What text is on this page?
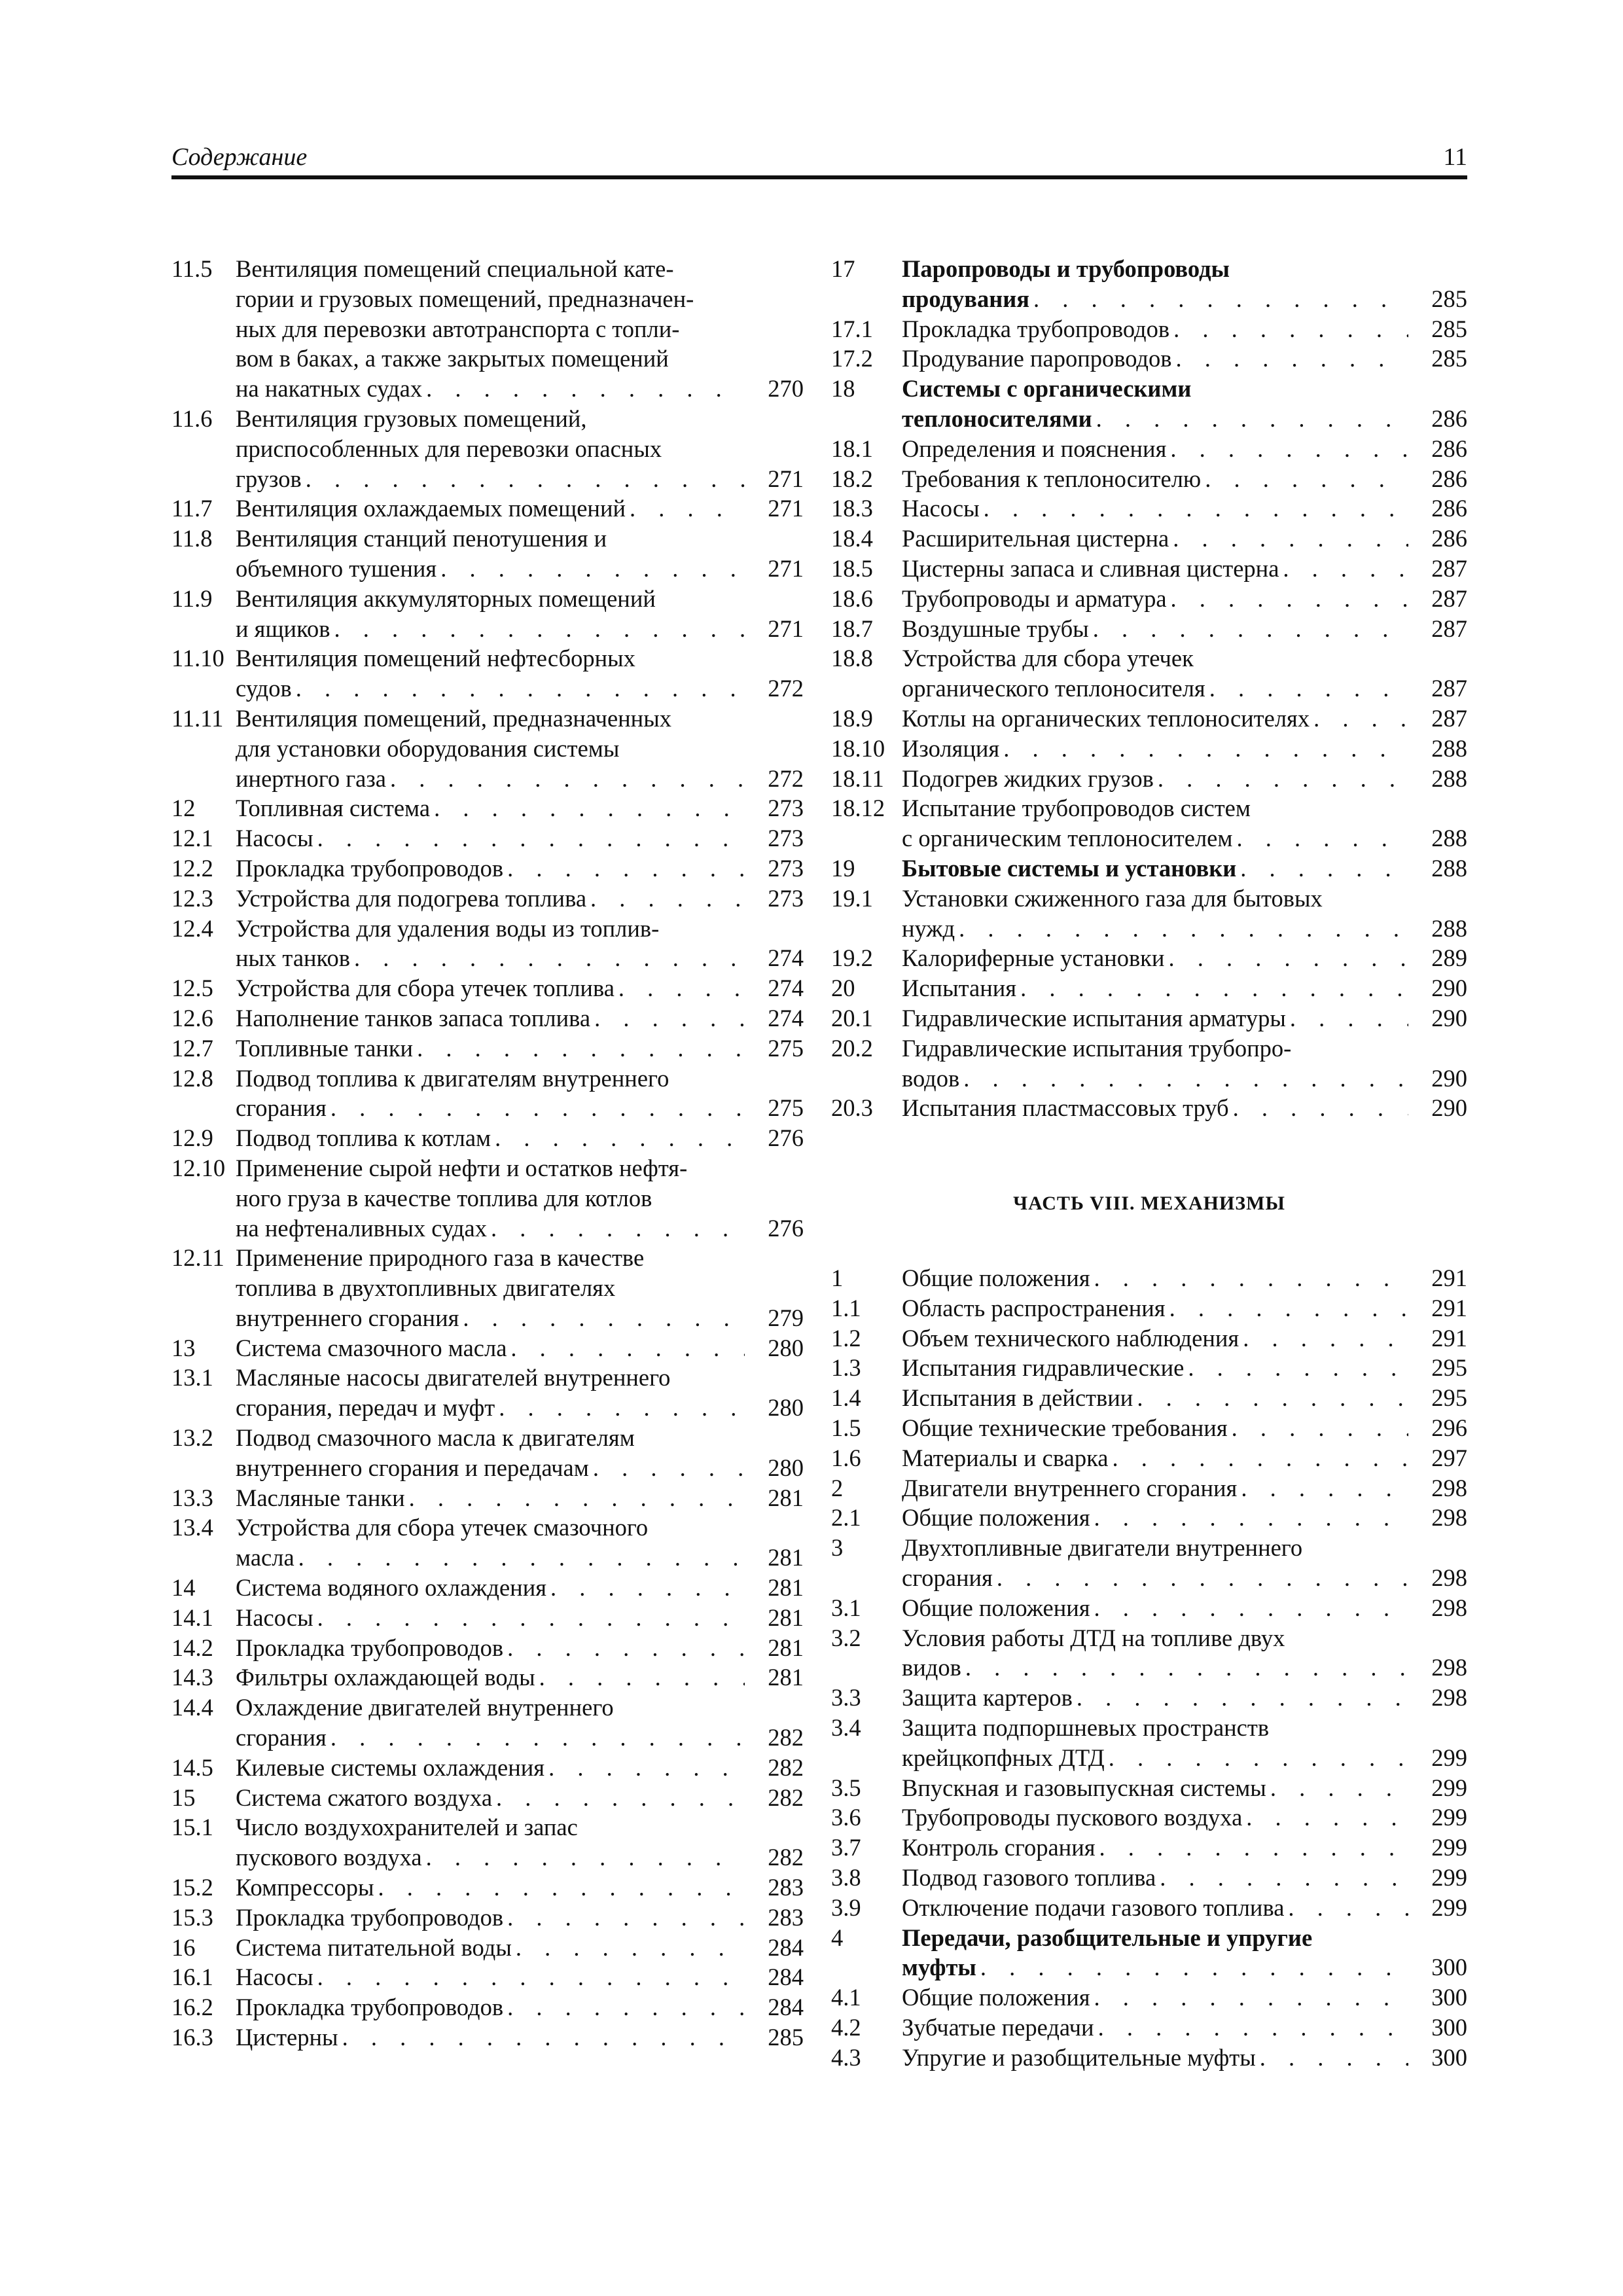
Содержание	11
11.5 Вентиляция помещений специальной кате-
гории и грузовых помещений, предназначен-
ных для перевозки автотранспорта с топли-
вом в баках, а также закрытых помещений
на накатных судах . . .	270
11.6 Вентиляция грузовых помещений,
приспособленных для перевозки опасных
грузов . . .	271
11.7 Вентиляция охлаждаемых помещений . . .	271
11.8 Вентиляция станций пенотушения и
объемного тушения . . .	271
11.9 Вентиляция аккумуляторных помещений
и ящиков . . .	271
11.10 Вентиляция помещений нефтесборных
судов . . .	272
11.11 Вентиляция помещений, предназначенных
для установки оборудования системы
инертного газа . . .	272
12 Топливная система . . .	273
12.1 Насосы . . .	273
12.2 Прокладка трубопроводов . . .	273
12.3 Устройства для подогрева топлива . . .	273
12.4 Устройства для удаления воды из топлив-
ных танков . . .	274
12.5 Устройства для сбора утечек топлива . . .	274
12.6 Наполнение танков запаса топлива . . .	274
12.7 Топливные танки . . .	275
12.8 Подвод топлива к двигателям внутреннего
сгорания . . .	275
12.9 Подвод топлива к котлам . . .	276
12.10 Применение сырой нефти и остатков нефтя-
ного груза в качестве топлива для котлов
на нефтеналивных судах . . .	276
12.11 Применение природного газа в качестве
топлива в двухтопливных двигателях
внутреннего сгорания . . .	279
13 Система смазочного масла . . .	280
13.1 Масляные насосы двигателей внутреннего
сгорания, передач и муфт . . .	280
13.2 Подвод смазочного масла к двигателям
внутреннего сгорания и передачам . . .	280
13.3 Масляные танки . . .	281
13.4 Устройства для сбора утечек смазочного
масла . . .	281
14 Система водяного охлаждения . . .	281
14.1 Насосы . . .	281
14.2 Прокладка трубопроводов . . .	281
14.3 Фильтры охлаждающей воды . . .	281
14.4 Охлаждение двигателей внутреннего
сгорания . . .	282
14.5 Килевые системы охлаждения . . .	282
15 Система сжатого воздуха . . .	282
15.1 Число воздухохранителей и запас
пускового воздуха . . .	282
15.2 Компрессоры . . .	283
15.3 Прокладка трубопроводов . . .	283
16 Система питательной воды . . .	284
16.1 Насосы . . .	284
16.2 Прокладка трубопроводов . . .	284
16.3 Цистерны . . .	285
17 Паропроводы и трубопроводы
продувания . . .	285
17.1 Прокладка трубопроводов . . .	285
17.2 Продувание паропроводов . . .	285
18 Системы с органическими
теплоносителями . . .	286
18.1 Определения и пояснения . . .	286
18.2 Требования к теплоносителю . . .	286
18.3 Насосы . . .	286
18.4 Расширительная цистерна . . .	286
18.5 Цистерны запаса и сливная цистерна . . .	287
18.6 Трубопроводы и арматура . . .	287
18.7 Воздушные трубы . . .	287
18.8 Устройства для сбора утечек
органического теплоносителя . . .	287
18.9 Котлы на органических теплоносителях . . .	287
18.10 Изоляция . . .	288
18.11 Подогрев жидких грузов . . .	288
18.12 Испытание трубопроводов систем
с органическим теплоносителем . . .	288
19 Бытовые системы и установки . . .	288
19.1 Установки сжиженного газа для бытовых
нужд . . .	288
19.2 Калориферные установки . . .	289
20 Испытания . . .	290
20.1 Гидравлические испытания арматуры . . .	290
20.2 Гидравлические испытания трубопро-
водов . . .	290
20.3 Испытания пластмассовых труб . . .	290
ЧАСТЬ VIII. МЕХАНИЗМЫ
1 Общие положения . . .	291
1.1 Область распространения . . .	291
1.2 Объем технического наблюдения . . .	291
1.3 Испытания гидравлические . . .	295
1.4 Испытания в действии . . .	295
1.5 Общие технические требования . . .	296
1.6 Материалы и сварка . . .	297
2 Двигатели внутреннего сгорания . . .	298
2.1 Общие положения . . .	298
3 Двухтопливные двигатели внутреннего
сгорания . . .	298
3.1 Общие положения . . .	298
3.2 Условия работы ДТД на топливе двух
видов . . .	298
3.3 Защита картеров . . .	298
3.4 Защита подпоршневых пространств
крейцкопфных ДТД . . .	299
3.5 Впускная и газовыпускная системы . . .	299
3.6 Трубопроводы пускового воздуха . . .	299
3.7 Контроль сгорания . . .	299
3.8 Подвод газового топлива . . .	299
3.9 Отключение подачи газового топлива . . .	299
4 Передачи, разобщительные и упругие
муфты . . .	300
4.1 Общие положения . . .	300
4.2 Зубчатые передачи . . .	300
4.3 Упругие и разобщительные муфты . . .	300
